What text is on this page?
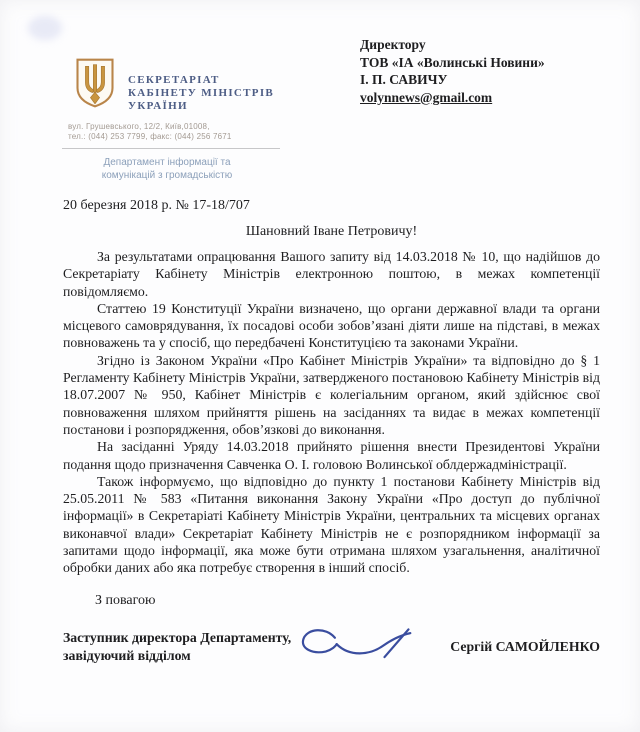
СЕКРЕТАРІАТ
КАБІНЕТУ МІНІСТРІВ
УКРАЇНИ
вул. Грушевського, 12/2, Київ,01008,
тел.: (044) 253 7799, факс: (044) 256 7671
Департамент інформації та
комунікацій з громадськістю
Директору
ТОВ «ІА «Волинські Новини»
І. П. САВИЧУ
volynnews@gmail.com

20 березня 2018 р. № 17-18/707

Шановний Іване Петровичу!

За результатами опрацювання Вашого запиту від 14.03.2018 № 10, що надійшов до Секретаріату Кабінету Міністрів електронною поштою, в межах компетенції повідомляємо.

Статтею 19 Конституції України визначено, що органи державної влади та органи місцевого самоврядування, їх посадові особи зобов’язані діяти лише на підставі, в межах повноважень та у спосіб, що передбачені Конституцією та законами України.

Згідно із Законом України «Про Кабінет Міністрів України» та відповідно до § 1 Регламенту Кабінету Міністрів України, затвердженого постановою Кабінету Міністрів від 18.07.2007 № 950, Кабінет Міністрів є колегіальним органом, який здійснює свої повноваження шляхом прийняття рішень на засіданнях та видає в межах компетенції постанови і розпорядження, обов’язкові до виконання.

На засіданні Уряду 14.03.2018 прийнято рішення внести Президентові України подання щодо призначення Савченка О. І. головою Волинської облдержадміністрації.

Також інформуємо, що відповідно до пункту 1 постанови Кабінету Міністрів від 25.05.2011 № 583 «Питання виконання Закону України «Про доступ до публічної інформації» в Секретаріаті Кабінету Міністрів України, центральних та місцевих органах виконавчої влади» Секретаріат Кабінету Міністрів не є розпорядником інформації за запитами щодо інформації, яка може бути отримана шляхом узагальнення, аналітичної обробки даних або яка потребує створення в інший спосіб.

З повагою

Заступник директора Департаменту,
завідуючий відділом
Сергій САМОЙЛЕНКО
